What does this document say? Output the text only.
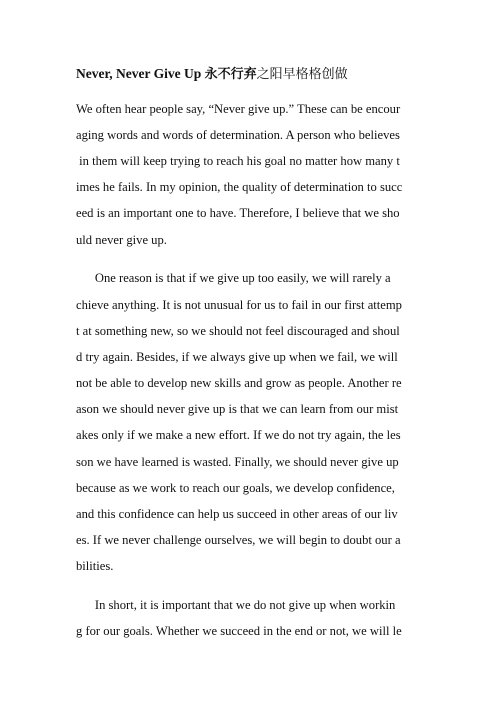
Never, Never Give Up 永不行弃之阳早格格创做
We often hear people say, “Never give up.” These can be encour
aging words and words of determination. A person who believes
in them will keep trying to reach his goal no matter how many t
imes he fails. In my opinion, the quality of determination to succ
eed is an important one to have. Therefore, I believe that we sho
uld never give up.
One reason is that if we give up too easily, we will rarely a
chieve anything. It is not unusual for us to fail in our first attemp
t at something new, so we should not feel discouraged and shoul
d try again. Besides, if we always give up when we fail, we will
not be able to develop new skills and grow as people. Another re
ason we should never give up is that we can learn from our mist
akes only if we make a new effort. If we do not try again, the les
son we have learned is wasted. Finally, we should never give up
because as we work to reach our goals, we develop confidence,
and this confidence can help us succeed in other areas of our liv
es. If we never challenge ourselves, we will begin to doubt our a
bilities.
In short, it is important that we do not give up when workin
g for our goals. Whether we succeed in the end or not, we will le
